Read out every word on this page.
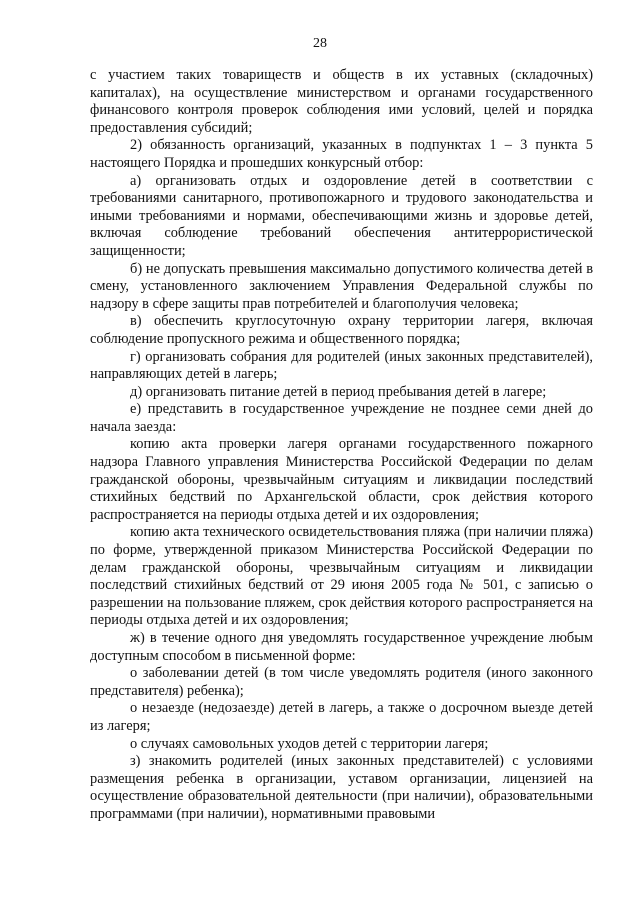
28

с участием таких товариществ и обществ в их уставных (складочных) капиталах), на осуществление министерством и органами государственного финансового контроля проверок соблюдения ими условий, целей и порядка предоставления субсидий;

2) обязанность организаций, указанных в подпунктах 1 – 3 пункта 5 настоящего Порядка и прошедших конкурсный отбор:

а) организовать отдых и оздоровление детей в соответствии с требованиями санитарного, противопожарного и трудового законодательства и иными требованиями и нормами, обеспечивающими жизнь и здоровье детей, включая соблюдение требований обеспечения антитеррористической защищенности;

б) не допускать превышения максимально допустимого количества детей в смену, установленного заключением Управления Федеральной службы по надзору в сфере защиты прав потребителей и благополучия человека;

в) обеспечить круглосуточную охрану территории лагеря, включая соблюдение пропускного режима и общественного порядка;

г) организовать собрания для родителей (иных законных представителей), направляющих детей в лагерь;

д) организовать питание детей в период пребывания детей в лагере;

е) представить в государственное учреждение не позднее семи дней до начала заезда:

копию акта проверки лагеря органами государственного пожарного надзора Главного управления Министерства Российской Федерации по делам гражданской обороны, чрезвычайным ситуациям и ликвидации последствий стихийных бедствий по Архангельской области, срок действия которого распространяется на периоды отдыха детей и их оздоровления;

копию акта технического освидетельствования пляжа (при наличии пляжа) по форме, утвержденной приказом Министерства Российской Федерации по делам гражданской обороны, чрезвычайным ситуациям и ликвидации последствий стихийных бедствий от 29 июня 2005 года № 501, с записью о разрешении на пользование пляжем, срок действия которого распространяется на периоды отдыха детей и их оздоровления;

ж) в течение одного дня уведомлять государственное учреждение любым доступным способом в письменной форме:

о заболевании детей (в том числе уведомлять родителя (иного законного представителя) ребенка);

о незаезде (недозаезде) детей в лагерь, а также о досрочном выезде детей из лагеря;

о случаях самовольных уходов детей с территории лагеря;

з) знакомить родителей (иных законных представителей) с условиями размещения ребенка в организации, уставом организации, лицензией на осуществление образовательной деятельности (при наличии), образовательными программами (при наличии), нормативными правовыми
